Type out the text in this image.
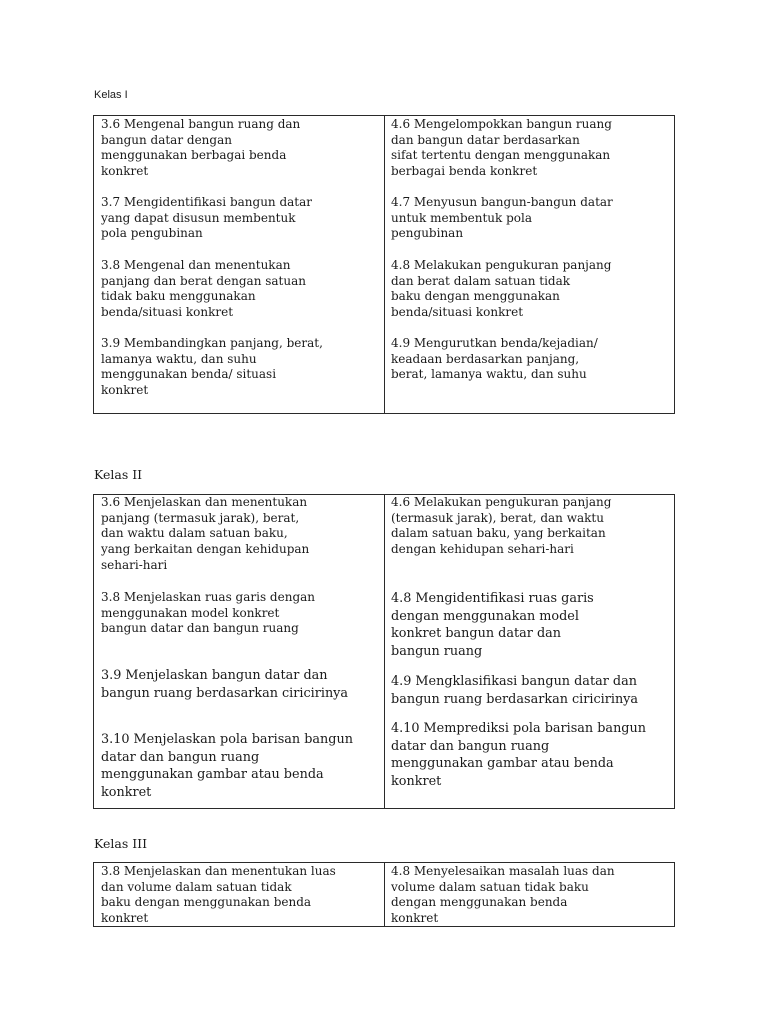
Kelas I

3.6 Mengenal bangun ruang dan
bangun datar dengan
menggunakan berbagai benda
konkret

4.6 Mengelompokkan bangun ruang
dan bangun datar berdasarkan
sifat tertentu dengan menggunakan
berbagai benda konkret

3.7 Mengidentifikasi bangun datar
yang dapat disusun membentuk
pola pengubinan

4.7 Menyusun bangun-bangun datar
untuk membentuk pola
pengubinan

3.8 Mengenal dan menentukan
panjang dan berat dengan satuan
tidak baku menggunakan
benda/situasi konkret

4.8 Melakukan pengukuran panjang
dan berat dalam satuan tidak
baku dengan menggunakan
benda/situasi konkret

3.9 Membandingkan panjang, berat,
lamanya waktu, dan suhu
menggunakan benda/ situasi
konkret

4.9 Mengurutkan benda/kejadian/
keadaan berdasarkan panjang,
berat, lamanya waktu, dan suhu

Kelas II

3.6 Menjelaskan dan menentukan
panjang (termasuk jarak), berat,
dan waktu dalam satuan baku,
yang berkaitan dengan kehidupan
sehari-hari

4.6 Melakukan pengukuran panjang
(termasuk jarak), berat, dan waktu
dalam satuan baku, yang berkaitan
dengan kehidupan sehari-hari

3.8 Menjelaskan ruas garis dengan
menggunakan model konkret
bangun datar dan bangun ruang

4.8 Mengidentifikasi ruas garis
dengan menggunakan model
konkret bangun datar dan
bangun ruang

3.9 Menjelaskan bangun datar dan
bangun ruang berdasarkan ciricirinya

4.9 Mengklasifikasi bangun datar dan
bangun ruang berdasarkan ciricirinya

3.10 Menjelaskan pola barisan bangun
datar dan bangun ruang
menggunakan gambar atau benda
konkret

4.10 Memprediksi pola barisan bangun
datar dan bangun ruang
menggunakan gambar atau benda
konkret

Kelas III

3.8 Menjelaskan dan menentukan luas
dan volume dalam satuan tidak
baku dengan menggunakan benda
konkret

4.8 Menyelesaikan masalah luas dan
volume dalam satuan tidak baku
dengan menggunakan benda
konkret
